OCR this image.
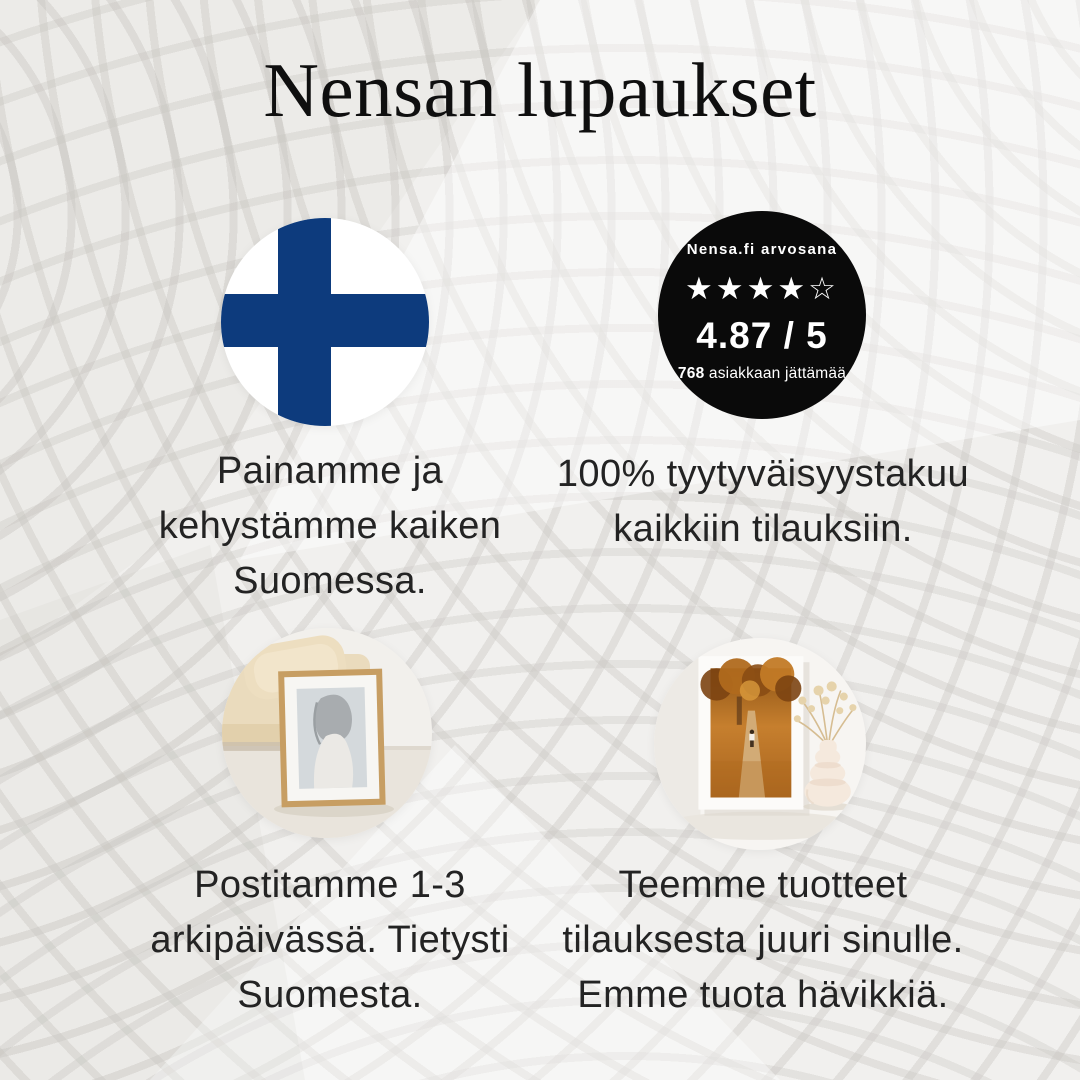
Nensan lupaukset
Nensa.fi arvosana
★★★★☆
4.87 / 5
768 asiakkaan jättämää
Painamme ja
kehystämme kaiken
Suomessa.
100% tyytyväisyystakuu
kaikkiin tilauksiin.
Postitamme 1-3
arkipäivässä. Tietysti
Suomesta.
Teemme tuotteet
tilauksesta juuri sinulle.
Emme tuota hävikkiä.
